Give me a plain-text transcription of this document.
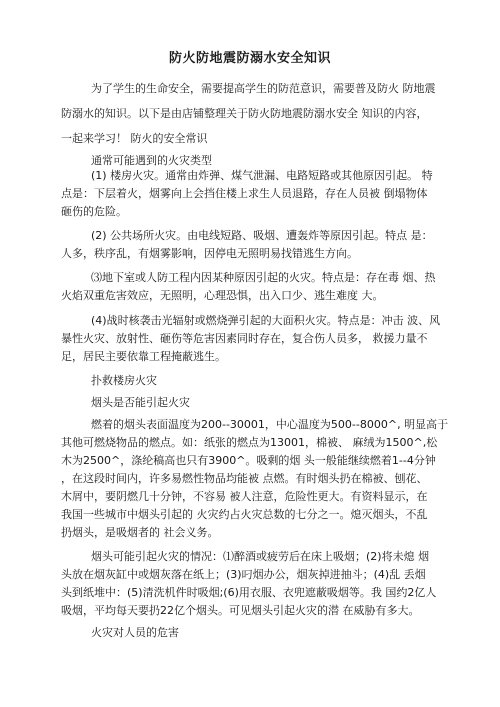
防火防地震防溺水安全知识
为了学生的生命安全，需要提高学生的防范意识，需要普及防火 防地震
防溺水的知识。以下是由店铺整理关于防火防地震防溺水安全 知识的内容，
一起来学习！ 防火的安全常识
通常可能遇到的火灾类型
(1) 楼房火灾。通常由炸弹、煤气泄漏、电路短路或其他原因引起。 特
点是：下层着火，烟雾向上会挡住楼上求生人员退路，存在人员被 倒塌物体
砸伤的危险。
(2) 公共场所火灾。由电线短路、吸烟、遭轰炸等原因引起。特点 是：
人多，秩序乱，有烟雾影响，因停电无照明易找错逃生方向。
⑶地下室或人防工程内因某种原因引起的火灾。特点是：存在毒 烟、热
火焰双重危害效应，无照明，心理恐惧，出入口少、逃生难度 大。
(4)战时核袭击光辐射或燃烧弹引起的大面积火灾。特点是：冲击 波、风
暴性火灾、放射性、砸伤等危害因素同时存在，复合伤人员多， 救援力量不
足，居民主要依靠工程掩蔽逃生。
扑救楼房火灾
烟头是否能引起火灾
燃着的烟头表面温度为200--30001，中心温度为500--8000^, 明显高于
其他可燃烧物品的燃点。如：纸张的燃点为13001，棉被、 麻绒为1500^,松
木为2500^，涤纶稿高也只有3900^。吸剩的烟 头一般能继续燃着1--4分钟
，在这段时间内，许多易燃性物品均能被 点燃。有时烟头扔在棉被、刨花、
木屑中，要阴燃几十分钟，不容易 被人注意，危险性更大。有资料显示，在
我国一些城市中烟头引起的 火灾约占火灾总数的七分之一。熄灭烟头，不乱
扔烟头，是吸烟者的 社会义务。
烟头可能引起火灾的情况：⑴醉酒或疲劳后在床上吸烟；(2)将未熄 烟
头放在烟灰缸中或烟灰落在纸上；(3)叼烟办公，烟灰掉进抽斗；(4)乱 丢烟
头到纸堆中：(5)清洗机件时吸烟;(6)用衣服、衣兜遮蔽吸烟等。我 国约2亿人
吸烟，平均每天要扔22亿个烟头。可见烟头引起火灾的潜 在威胁有多大。
火灾对人员的危害
